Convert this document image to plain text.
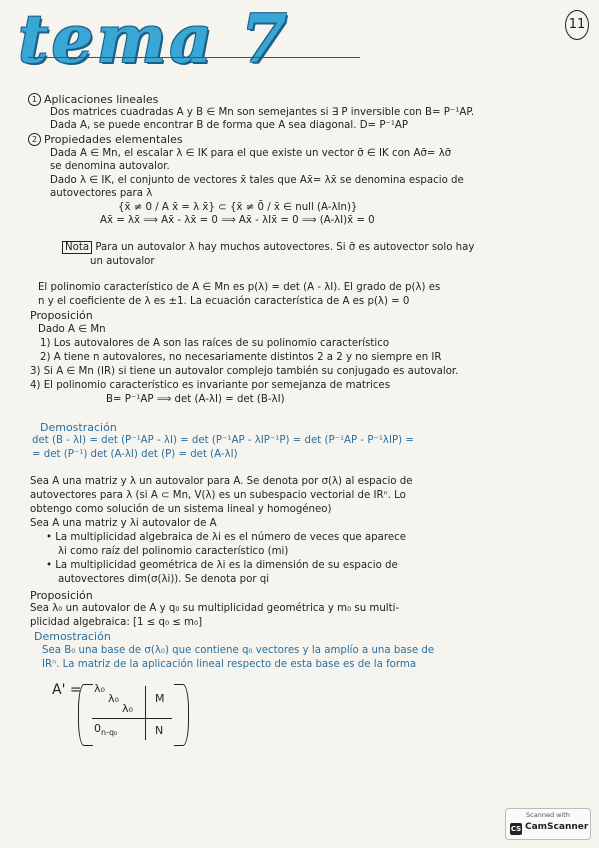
tema 7	11
1 Aplicaciones lineales
Dos matrices cuadradas A y B ∈ Mn son semejantes si ∃ P inversible con B= P⁻¹AP.
Dada A, se puede encontrar B de forma que A sea diagonal. D= P⁻¹AP
2 Propiedades elementales
Dada A ∈ Mn, el escalar λ ∈ IK para el que existe un vector σ̄ ∈ IK con Aσ̄= λσ̄
se denomina autovalor.
Dado λ ∈ IK, el conjunto de vectores x̄ tales que Ax̄= λx̄ se denomina espacio de
autovectores para λ
{x̄ ≠ 0 / A x̄ = λ x̄} ⊂ {x̄ ≠ 0̄ / x̄ ∈ null (A-λIn)}
Ax̄ = λx̄ ⟹ Ax̄ - λx̄ = 0 ⟹ Ax̄ - λIx̄ = 0 ⟹ (A-λI)x̄ = 0
Nota Para un autovalor λ hay muchos autovectores. Si σ̄ es autovector solo hay
un autovalor
El polinomio característico de A ∈ Mn es p(λ) = det (A - λI). El grado de p(λ) es
n y el coeficiente de λ es ±1. La ecuación característica de A es p(λ) = 0
Proposición
Dado A ∈ Mn
1) Los autovalores de A son las raíces de su polinomio característico
2) A tiene n autovalores, no necesariamente distintos 2 a 2 y no siempre en IR
3) Si A ∈ Mn (IR) si tiene un autovalor complejo también su conjugado es autovalor.
4) El polinomio característico es invariante por semejanza de matrices
B= P⁻¹AP ⟹ det (A-λI) = det (B-λI)
Demostración
det (B - λI) = det (P⁻¹AP - λI) = det (P⁻¹AP - λIP⁻¹P) = det (P⁻¹AP - P⁻¹λIP) =
= det (P⁻¹) det (A-λI) det (P) = det (A-λI)
Sea A una matriz y λ un autovalor para A. Se denota por σ(λ) al espacio de
autovectores para λ (si A ⊂ Mn, V(λ) es un subespacio vectorial de IRⁿ. Lo
obtengo como solución de un sistema lineal y homogéneo)
Sea A una matriz y λi autovalor de A
• La multiplicidad algebraica de λi es el número de veces que aparece
λi como raíz del polinomio característico (mi)
• La multiplicidad geométrica de λi es la dimensión de su espacio de
autovectores dim(σ(λi)). Se denota por qi
Proposición
Sea λ₀ un autovalor de A y q₀ su multiplicidad geométrica y m₀ su multi-
plicidad algebraica: [1 ≤ q₀ ≤ m₀]
Demostración
Sea B₀ una base de σ(λ₀) que contiene q₀ vectores y la amplío a una base de
IRⁿ. La matriz de la aplicación lineal respecto de esta base es de la forma
A' = λ₀
λ₀
λ₀
M
$0_{n-q_0}$	N
Scanned with
CS CamScanner
